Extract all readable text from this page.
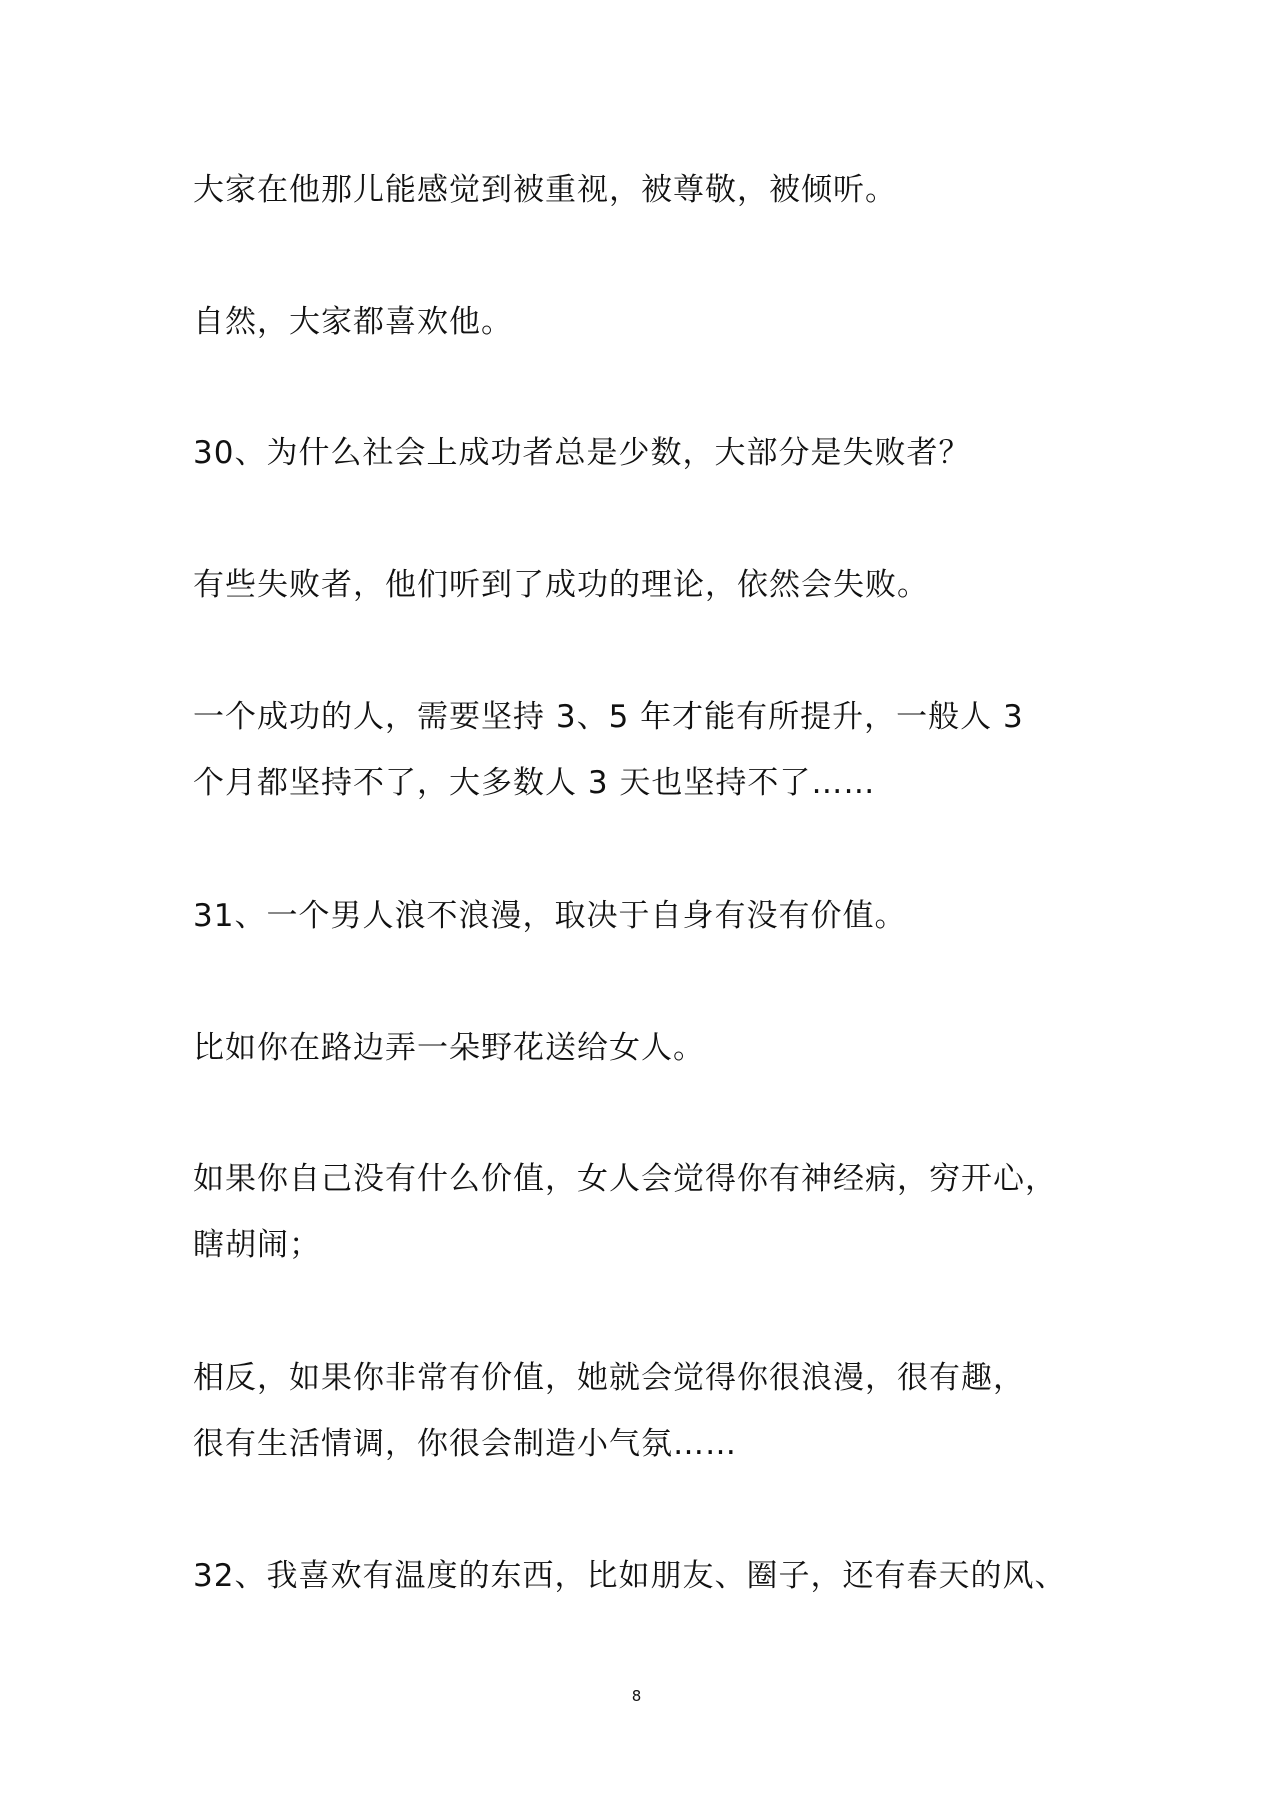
大家在他那儿能感觉到被重视，被尊敬，被倾听。

自然，大家都喜欢他。

30、为什么社会上成功者总是少数，大部分是失败者？

有些失败者，他们听到了成功的理论，依然会失败。

一个成功的人，需要坚持 3、5 年才能有所提升，一般人 3
个月都坚持不了，大多数人 3 天也坚持不了……

31、一个男人浪不浪漫，取决于自身有没有价值。

比如你在路边弄一朵野花送给女人。

如果你自己没有什么价值，女人会觉得你有神经病，穷开心，
瞎胡闹；

相反，如果你非常有价值，她就会觉得你很浪漫，很有趣，
很有生活情调，你很会制造小气氛……

32、我喜欢有温度的东西，比如朋友、圈子，还有春天的风、

8
